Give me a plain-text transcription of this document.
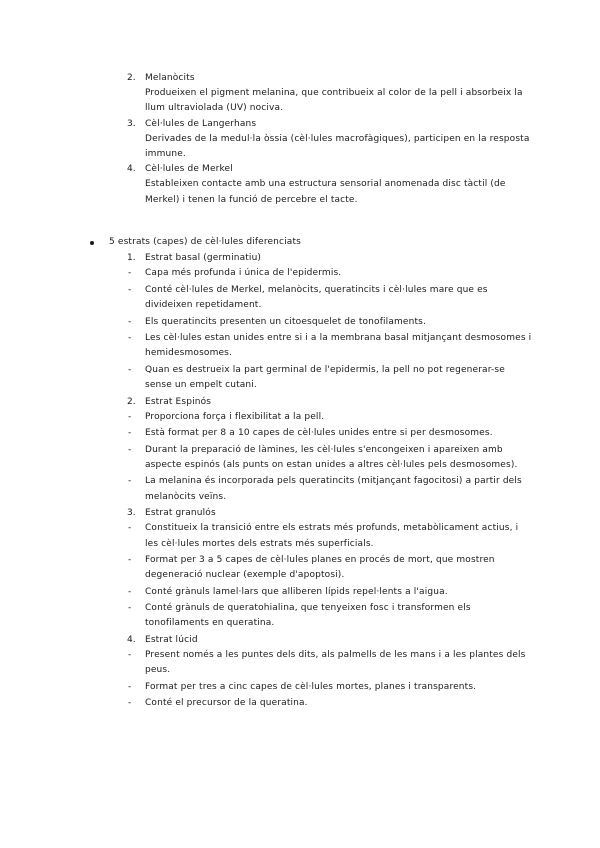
2. Melanòcits
Produeixen el pigment melanina, que contribueix al color de la pell i absorbeix la
llum ultraviolada (UV) nociva.
3. Cèl·lules de Langerhans
Derivades de la medul·la òssia (cèl·lules macrofàgiques), participen en la resposta
immune.
4. Cèl·lules de Merkel
Estableixen contacte amb una estructura sensorial anomenada disc tàctil (de
Merkel) i tenen la funció de percebre el tacte.
5 estrats (capes) de cèl·lules diferenciats
1. Estrat basal (germinatiu)
- Capa més profunda i única de l'epidermis.
- Conté cèl·lules de Merkel, melanòcits, queratincits i cèl·lules mare que es
divideixen repetidament.
- Els queratincits presenten un citoesquelet de tonofilaments.
- Les cèl·lules estan unides entre si i a la membrana basal mitjançant desmosomes i
hemidesmosomes.
- Quan es destrueix la part germinal de l'epidermis, la pell no pot regenerar-se
sense un empelt cutani.
2. Estrat Espinós
- Proporciona força i flexibilitat a la pell.
- Està format per 8 a 10 capes de cèl·lules unides entre si per desmosomes.
- Durant la preparació de làmines, les cèl·lules s'encongeixen i apareixen amb
aspecte espinós (als punts on estan unides a altres cèl·lules pels desmosomes).
- La melanina és incorporada pels queratincits (mitjançant fagocitosi) a partir dels
melanòcits veïns.
3. Estrat granulós
- Constitueix la transició entre els estrats més profunds, metabòlicament actius, i
les cèl·lules mortes dels estrats més superficials.
- Format per 3 a 5 capes de cèl·lules planes en procés de mort, que mostren
degeneració nuclear (exemple d'apoptosi).
- Conté grànuls lamel·lars que alliberen lípids repel·lents a l'aigua.
- Conté grànuls de queratohialina, que tenyeixen fosc i transformen els
tonofilaments en queratina.
4. Estrat lúcid
- Present només a les puntes dels dits, als palmells de les mans i a les plantes dels
peus.
- Format per tres a cinc capes de cèl·lules mortes, planes i transparents.
- Conté el precursor de la queratina.
